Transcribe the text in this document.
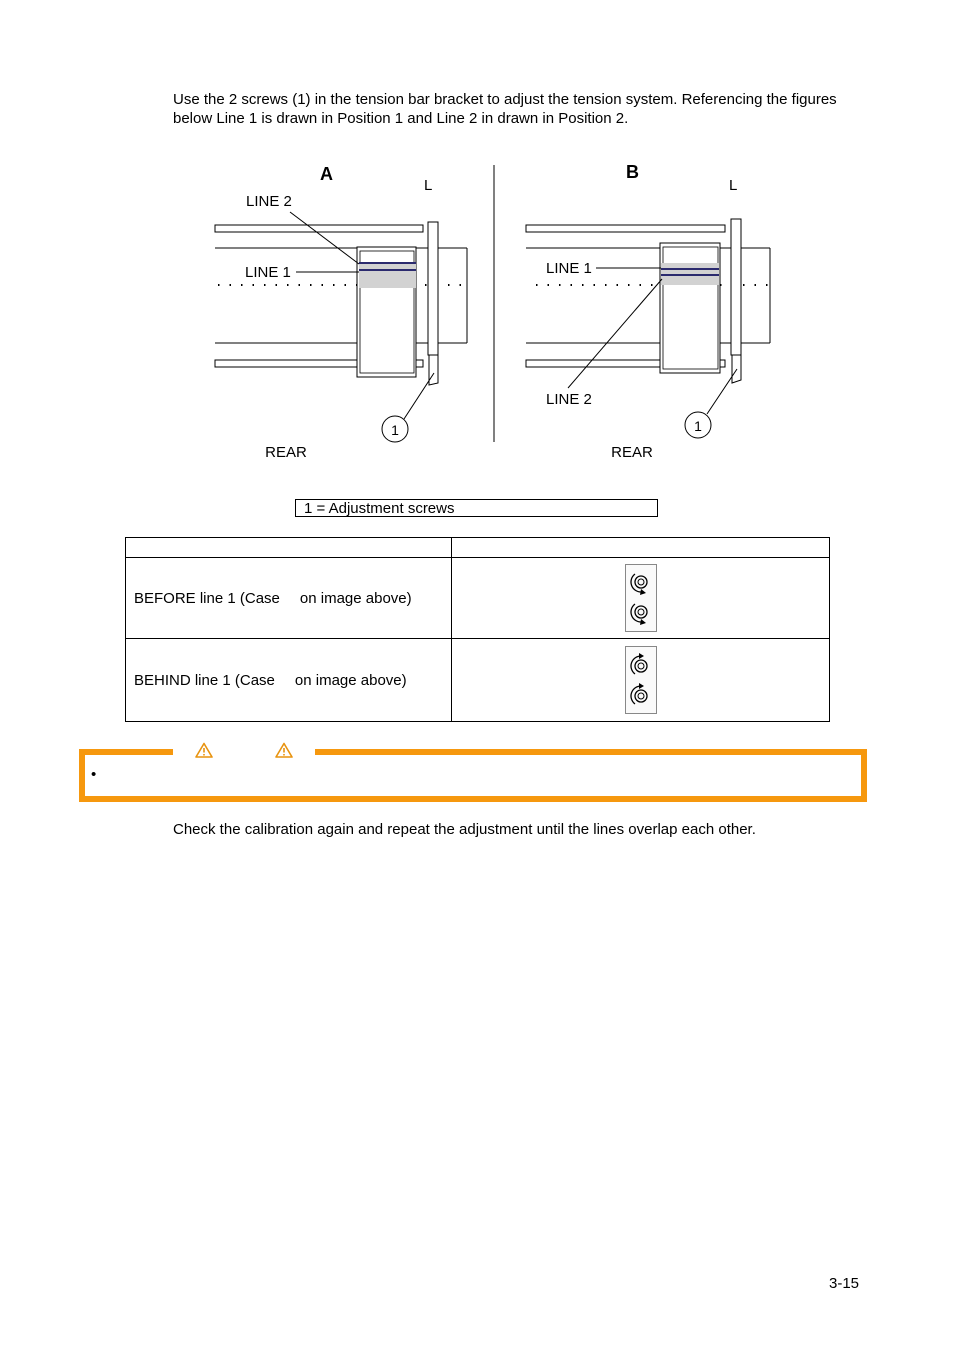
Use the 2 screws (1) in the tension bar bracket to adjust the tension system. Referencing the figures below Line 1 is drawn in Position 1 and Line 2 in drawn in Position 2.

A
L
LINE 2
LINE 1
1
REAR
B
L
LINE 1
LINE 2
1
REAR
1 = Adjustment screws

BEFORE line 1 (Case on image above)	
BEHIND line 1 (Case on image above)	
•

Check the calibration again and repeat the adjustment until the lines overlap each other.

3-15
